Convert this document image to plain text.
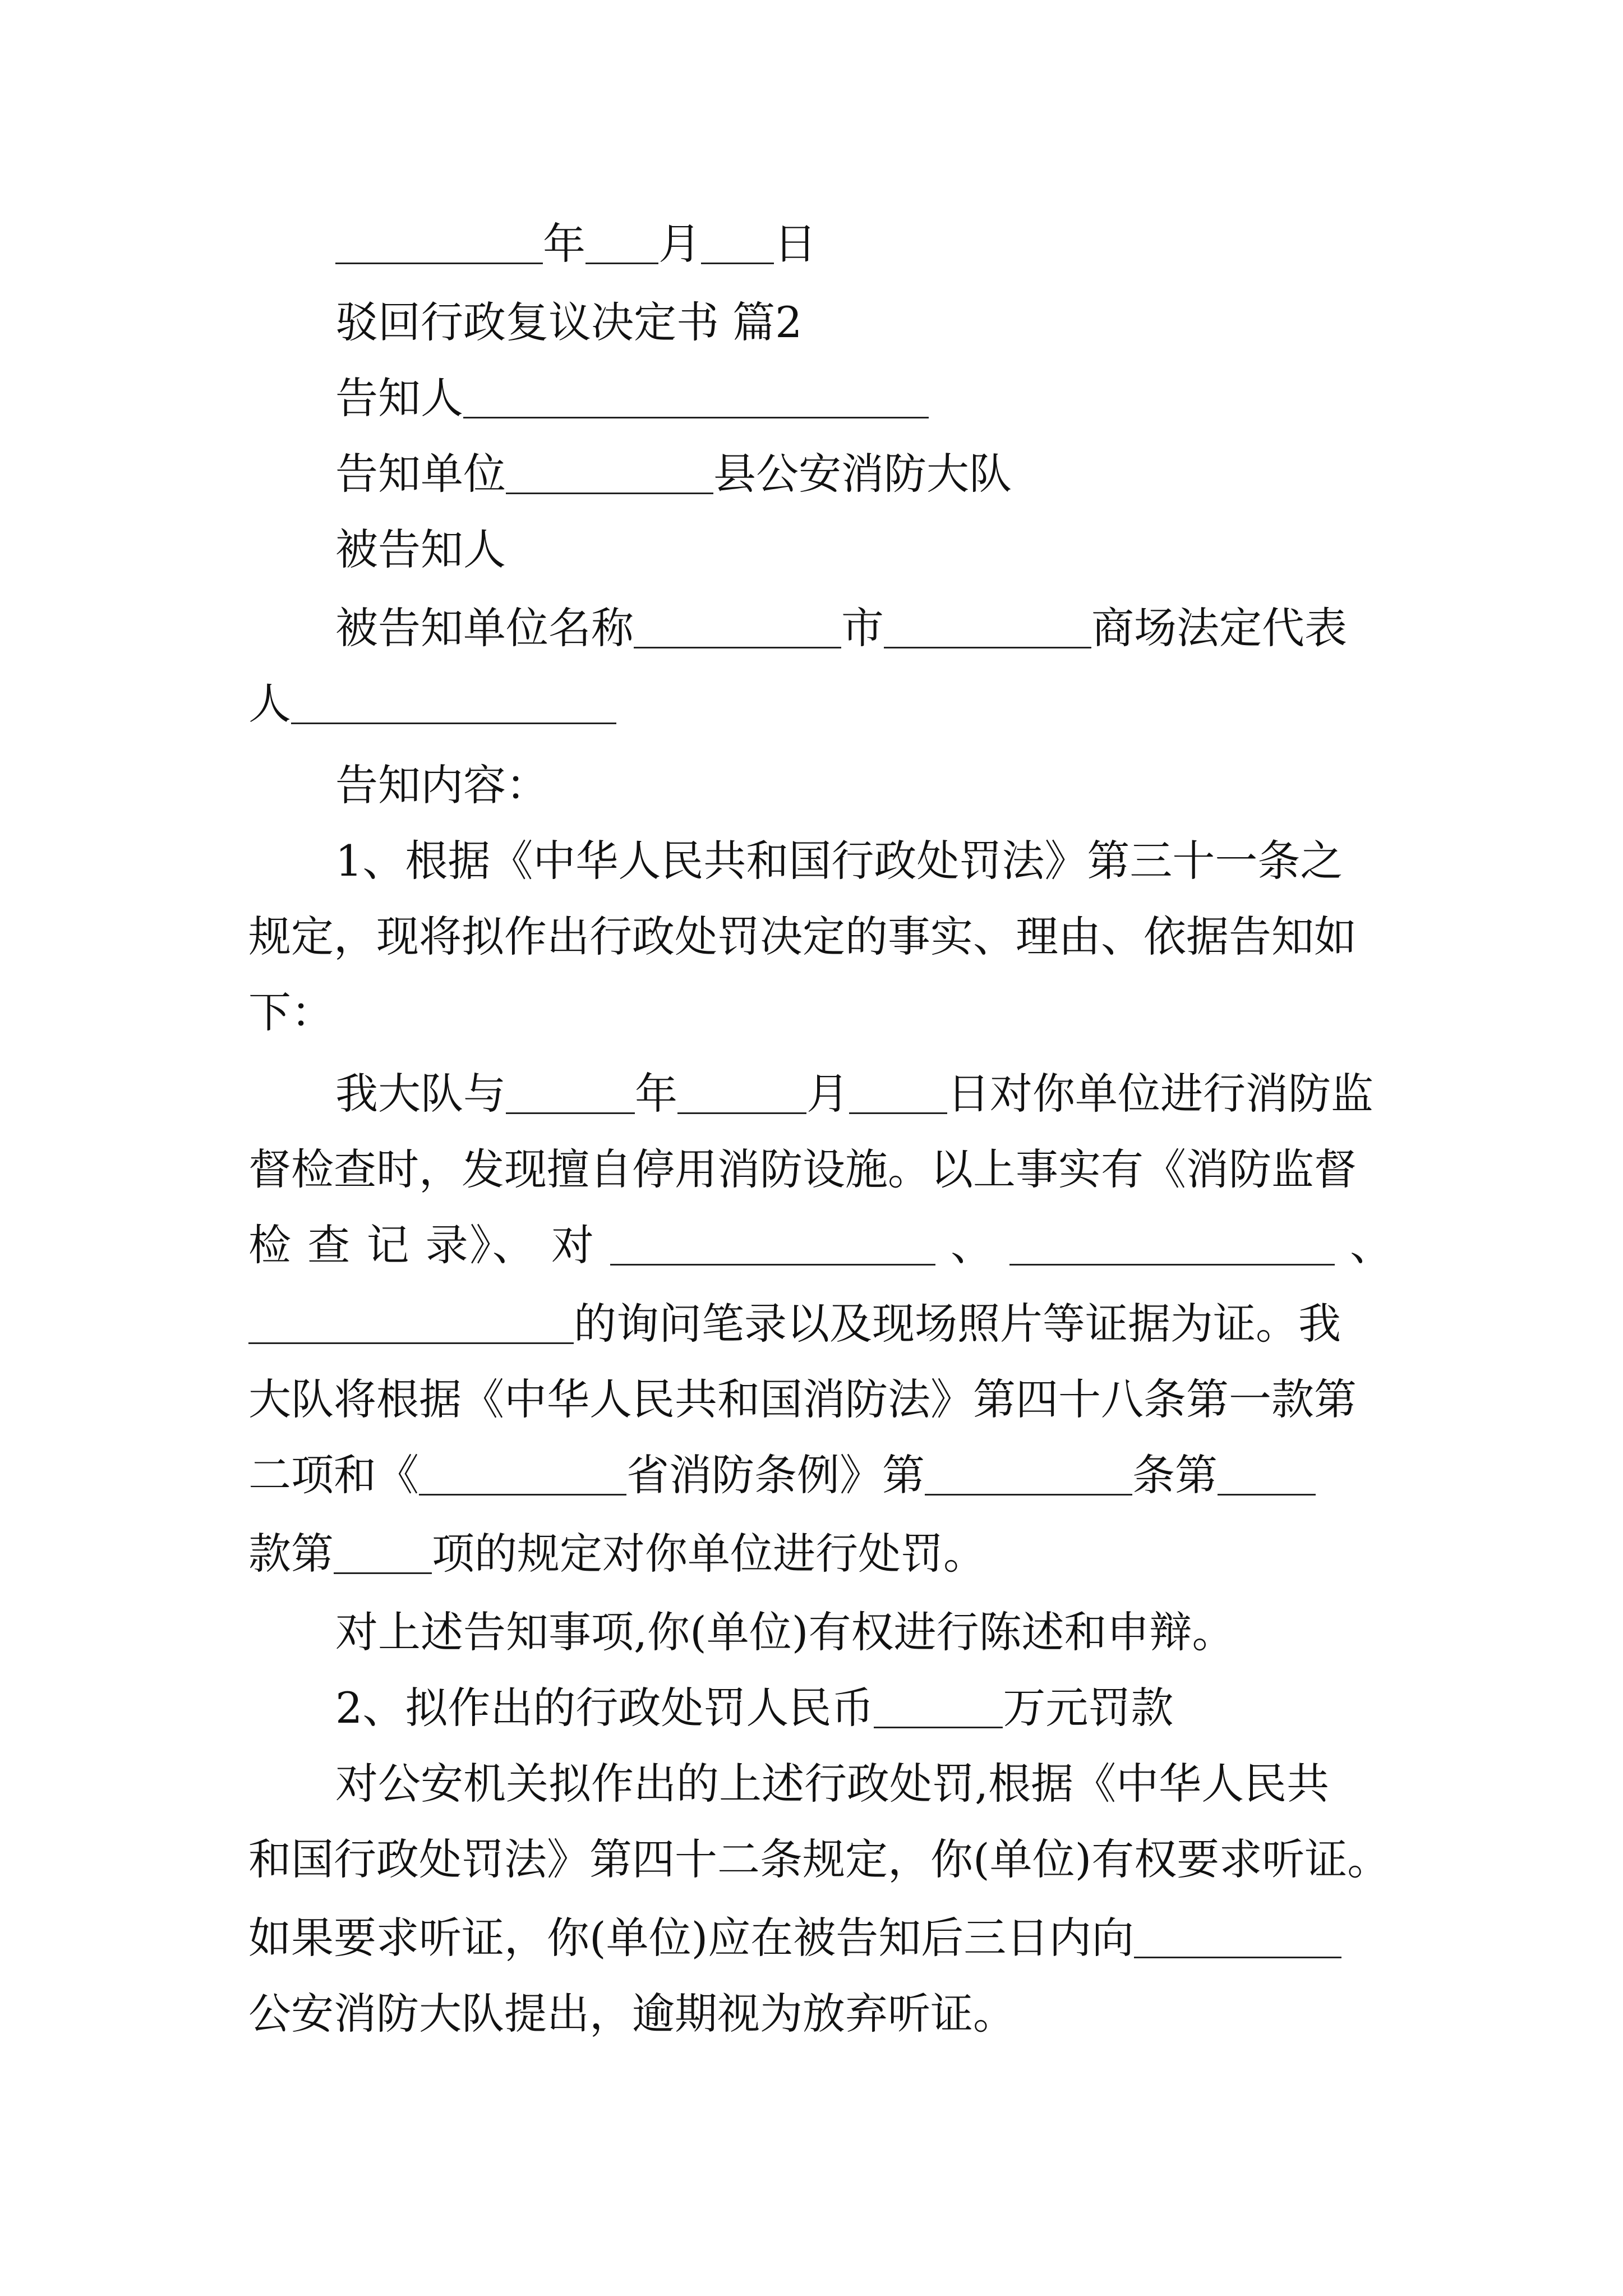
年 月 日
驳回行政复议决定书 篇2
告知人
告知单位	县公安消防大队
被告知人
被告知单位名称	市	商场法定代表
人
告知内容：
1、根据《中华人民共和国行政处罚法》第三十一条之
规定，现将拟作出行政处罚决定的事实、理由、依据告知如
下：
我大队与	年	月 日对你单位进行消防监
督检查时，发现擅自停用消防设施。以上事实有《消防监督
检 查 记 录》、 对	、	、
的询问笔录以及现场照片等证据为证。我
大队将根据《中华人民共和国消防法》第四十八条第一款第
二项和《	省消防条例》第	条第
款第 项的规定对你单位进行处罚。
对上述告知事项,你(单位)有权进行陈述和申辩。
2、拟作出的行政处罚人民币	万元罚款
对公安机关拟作出的上述行政处罚,根据《中华人民共
和国行政处罚法》第四十二条规定，你(单位)有权要求听证。
如果要求听证，你(单位)应在被告知后三日内向
公安消防大队提出，逾期视为放弃听证。
